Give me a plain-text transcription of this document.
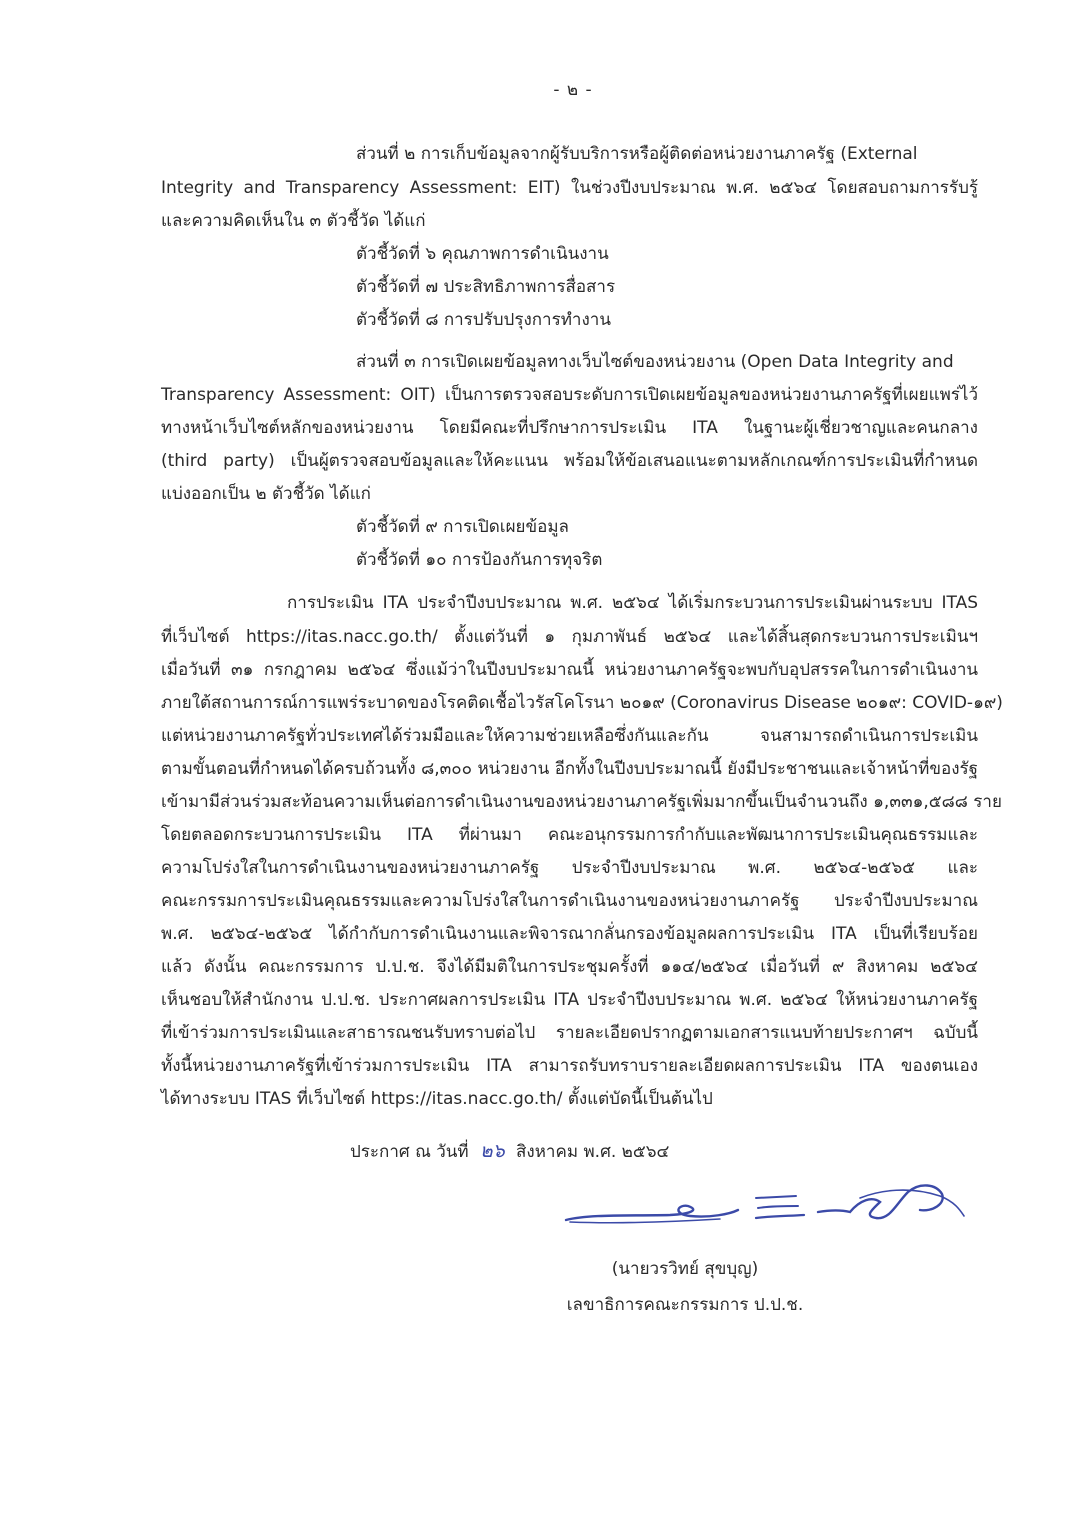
- ๒ -
ส่วนที่ ๒ การเก็บข้อมูลจากผู้รับบริการหรือผู้ติดต่อหน่วยงานภาครัฐ (External
Integrity and Transparency Assessment: EIT) ในช่วงปีงบประมาณ พ.ศ. ๒๕๖๔ โดยสอบถามการรับรู้
และความคิดเห็นใน ๓ ตัวชี้วัด ได้แก่
ตัวชี้วัดที่ ๖ คุณภาพการดำเนินงาน
ตัวชี้วัดที่ ๗ ประสิทธิภาพการสื่อสาร
ตัวชี้วัดที่ ๘ การปรับปรุงการทำงาน
ส่วนที่ ๓ การเปิดเผยข้อมูลทางเว็บไซต์ของหน่วยงาน (Open Data Integrity and
Transparency Assessment: OIT) เป็นการตรวจสอบระดับการเปิดเผยข้อมูลของหน่วยงานภาครัฐที่เผยแพร่ไว้
ทางหน้าเว็บไซต์หลักของหน่วยงาน โดยมีคณะที่ปรึกษาการประเมิน ITA ในฐานะผู้เชี่ยวชาญและคนกลาง
(third party) เป็นผู้ตรวจสอบข้อมูลและให้คะแนน พร้อมให้ข้อเสนอแนะตามหลักเกณฑ์การประเมินที่กำหนด
แบ่งออกเป็น ๒ ตัวชี้วัด ได้แก่
ตัวชี้วัดที่ ๙ การเปิดเผยข้อมูล
ตัวชี้วัดที่ ๑๐ การป้องกันการทุจริต
การประเมิน ITA ประจำปีงบประมาณ พ.ศ. ๒๕๖๔ ได้เริ่มกระบวนการประเมินผ่านระบบ ITAS
ที่เว็บไซต์ https://itas.nacc.go.th/ ตั้งแต่วันที่ ๑ กุมภาพันธ์ ๒๕๖๔ และได้สิ้นสุดกระบวนการประเมินฯ
เมื่อวันที่ ๓๑ กรกฎาคม ๒๕๖๔ ซึ่งแม้ว่าในปีงบประมาณนี้ หน่วยงานภาครัฐจะพบกับอุปสรรคในการดำเนินงาน
ภายใต้สถานการณ์การแพร่ระบาดของโรคติดเชื้อไวรัสโคโรนา ๒๐๑๙ (Coronavirus Disease ๒๐๑๙: COVID-๑๙)
แต่หน่วยงานภาครัฐทั่วประเทศได้ร่วมมือและให้ความช่วยเหลือซึ่งกันและกัน จนสามารถดำเนินการประเมิน
ตามขั้นตอนที่กำหนดได้ครบถ้วนทั้ง ๘,๓๐๐ หน่วยงาน อีกทั้งในปีงบประมาณนี้ ยังมีประชาชนและเจ้าหน้าที่ของรัฐ
เข้ามามีส่วนร่วมสะท้อนความเห็นต่อการดำเนินงานของหน่วยงานภาครัฐเพิ่มมากขึ้นเป็นจำนวนถึง ๑,๓๓๑,๕๘๘ ราย
โดยตลอดกระบวนการประเมิน ITA ที่ผ่านมา คณะอนุกรรมการกำกับและพัฒนาการประเมินคุณธรรมและ
ความโปร่งใสในการดำเนินงานของหน่วยงานภาครัฐ ประจำปีงบประมาณ พ.ศ. ๒๕๖๔-๒๕๖๕ และ
คณะกรรมการประเมินคุณธรรมและความโปร่งใสในการดำเนินงานของหน่วยงานภาครัฐ ประจำปีงบประมาณ
พ.ศ. ๒๕๖๔-๒๕๖๕ ได้กำกับการดำเนินงานและพิจารณากลั่นกรองข้อมูลผลการประเมิน ITA เป็นที่เรียบร้อย
แล้ว ดังนั้น คณะกรรมการ ป.ป.ช. จึงได้มีมติในการประชุมครั้งที่ ๑๑๔/๒๕๖๔ เมื่อวันที่ ๙ สิงหาคม ๒๕๖๔
เห็นชอบให้สำนักงาน ป.ป.ช. ประกาศผลการประเมิน ITA ประจำปีงบประมาณ พ.ศ. ๒๕๖๔ ให้หน่วยงานภาครัฐ
ที่เข้าร่วมการประเมินและสาธารณชนรับทราบต่อไป รายละเอียดปรากฏตามเอกสารแนบท้ายประกาศฯ ฉบับนี้
ทั้งนี้หน่วยงานภาครัฐที่เข้าร่วมการประเมิน ITA สามารถรับทราบรายละเอียดผลการประเมิน ITA ของตนเอง
ได้ทางระบบ ITAS ที่เว็บไซต์ https://itas.nacc.go.th/ ตั้งแต่บัดนี้เป็นต้นไป
ประกาศ ณ วันที่ ๒๖ สิงหาคม พ.ศ. ๒๕๖๔
(นายวรวิทย์ สุขบุญ)
เลขาธิการคณะกรรมการ ป.ป.ช.
